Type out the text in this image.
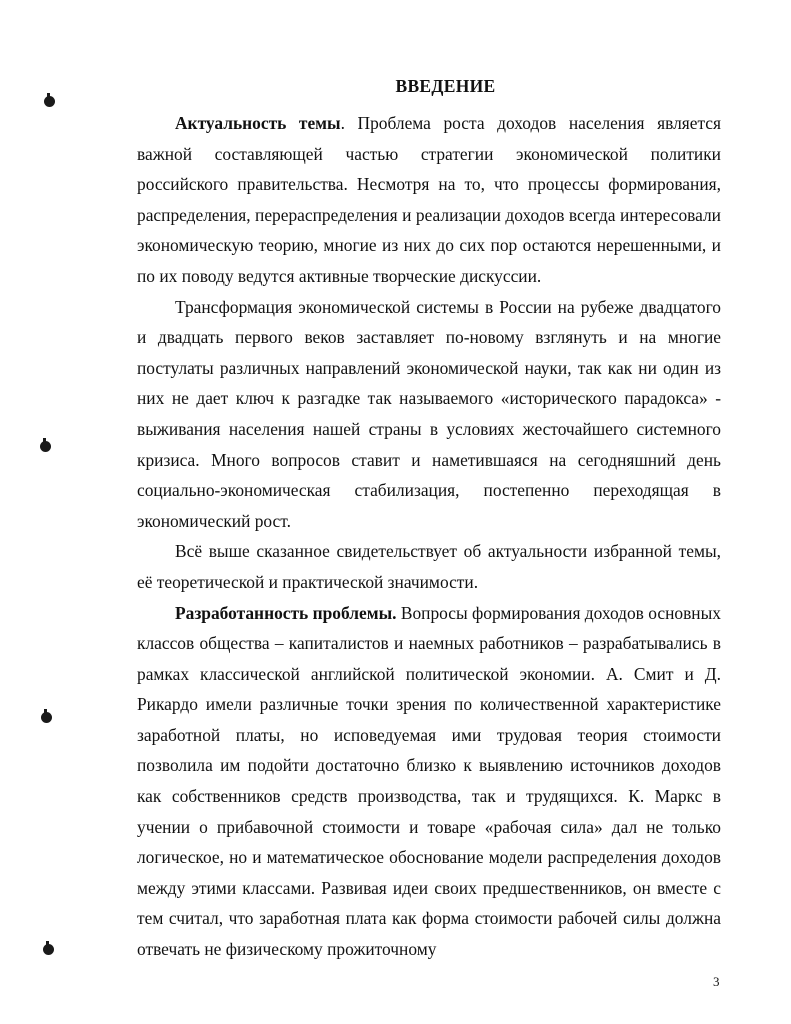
ВВЕДЕНИЕ

Актуальность темы. Проблема роста доходов населения является важной составляющей частью стратегии экономической политики российского правительства. Несмотря на то, что процессы формирования, распределения, перераспределения и реализации доходов всегда интересовали экономическую теорию, многие из них до сих пор остаются нерешенными, и по их поводу ведутся активные творческие дискуссии.

Трансформация экономической системы в России на рубеже двадцатого и двадцать первого веков заставляет по-новому взглянуть и на многие постулаты различных направлений экономической науки, так как ни один из них не дает ключ к разгадке так называемого «исторического парадокса» - выживания населения нашей страны в условиях жесточайшего системного кризиса. Много вопросов ставит и наметившаяся на сегодняшний день социально-экономическая стабилизация, постепенно переходящая в экономический рост.

Всё выше сказанное свидетельствует об актуальности избранной темы, её теоретической и практической значимости.

Разработанность проблемы. Вопросы формирования доходов основных классов общества – капиталистов и наемных работников – разрабатывались в рамках классической английской политической экономии. А. Смит и Д. Рикардо имели различные точки зрения по количественной характеристике заработной платы, но исповедуемая ими трудовая теория стоимости позволила им подойти достаточно близко к выявлению источников доходов как собственников средств производства, так и трудящихся. К. Маркс в учении о прибавочной стоимости и товаре «рабочая сила» дал не только логическое, но и математическое обоснование модели распределения доходов между этими классами. Развивая идеи своих предшественников, он вместе с тем считал, что заработная плата как форма стоимости рабочей силы должна отвечать не физическому прожиточному

3
